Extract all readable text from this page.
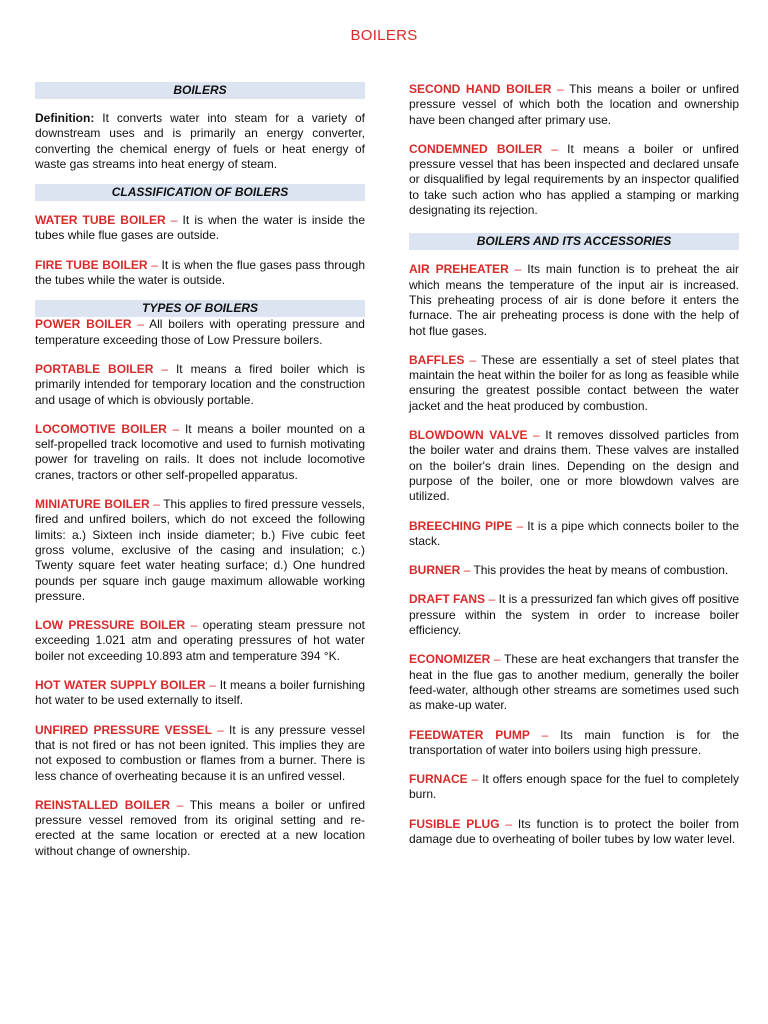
BOILERS
BOILERS

Definition: It converts water into steam for a variety of downstream uses and is primarily an energy converter, converting the chemical energy of fuels or heat energy of waste gas streams into heat energy of steam.

CLASSIFICATION OF BOILERS

WATER TUBE BOILER – It is when the water is inside the tubes while flue gases are outside.

FIRE TUBE BOILER – It is when the flue gases pass through the tubes while the water is outside.

TYPES OF BOILERS

POWER BOILER – All boilers with operating pressure and temperature exceeding those of Low Pressure boilers.

PORTABLE BOILER – It means a fired boiler which is primarily intended for temporary location and the construction and usage of which is obviously portable.

LOCOMOTIVE BOILER – It means a boiler mounted on a self-propelled track locomotive and used to furnish motivating power for traveling on rails. It does not include locomotive cranes, tractors or other self-propelled apparatus.

MINIATURE BOILER – This applies to fired pressure vessels, fired and unfired boilers, which do not exceed the following limits: a.) Sixteen inch inside diameter; b.) Five cubic feet gross volume, exclusive of the casing and insulation; c.) Twenty square feet water heating surface; d.) One hundred pounds per square inch gauge maximum allowable working pressure.

LOW PRESSURE BOILER – operating steam pressure not exceeding 1.021 atm and operating pressures of hot water boiler not exceeding 10.893 atm and temperature 394 °K.

HOT WATER SUPPLY BOILER – It means a boiler furnishing hot water to be used externally to itself.

UNFIRED PRESSURE VESSEL – It is any pressure vessel that is not fired or has not been ignited. This implies they are not exposed to combustion or flames from a burner. There is less chance of overheating because it is an unfired vessel.

REINSTALLED BOILER – This means a boiler or unfired pressure vessel removed from its original setting and re-erected at the same location or erected at a new location without change of ownership.

SECOND HAND BOILER – This means a boiler or unfired pressure vessel of which both the location and ownership have been changed after primary use.

CONDEMNED BOILER – It means a boiler or unfired pressure vessel that has been inspected and declared unsafe or disqualified by legal requirements by an inspector qualified to take such action who has applied a stamping or marking designating its rejection.

BOILERS AND ITS ACCESSORIES

AIR PREHEATER – Its main function is to preheat the air which means the temperature of the input air is increased. This preheating process of air is done before it enters the furnace. The air preheating process is done with the help of hot flue gases.

BAFFLES – These are essentially a set of steel plates that maintain the heat within the boiler for as long as feasible while ensuring the greatest possible contact between the water jacket and the heat produced by combustion.

BLOWDOWN VALVE – It removes dissolved particles from the boiler water and drains them. These valves are installed on the boiler's drain lines. Depending on the design and purpose of the boiler, one or more blowdown valves are utilized.

BREECHING PIPE – It is a pipe which connects boiler to the stack.

BURNER – This provides the heat by means of combustion.

DRAFT FANS – It is a pressurized fan which gives off positive pressure within the system in order to increase boiler efficiency.

ECONOMIZER – These are heat exchangers that transfer the heat in the flue gas to another medium, generally the boiler feed-water, although other streams are sometimes used such as make-up water.

FEEDWATER PUMP – Its main function is for the transportation of water into boilers using high pressure.

FURNACE – It offers enough space for the fuel to completely burn.

FUSIBLE PLUG – Its function is to protect the boiler from damage due to overheating of boiler tubes by low water level.
